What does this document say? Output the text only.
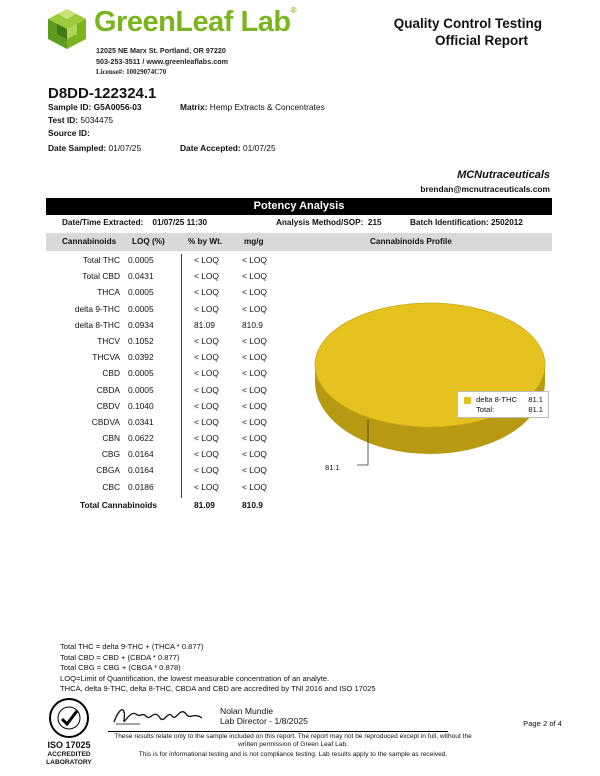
GreenLeaf Lab®
12025 NE Marx St. Portland, OR 97220
503-253-3511 / www.greenleaflabs.com
License#: 10029074C70
Quality Control Testing
Official Report
D8DD-122324.1
Sample ID: G5A0056-03	Matrix: Hemp Extracts & Concentrates
Test ID: 5034475
Source ID:
Date Sampled: 01/07/25	Date Accepted: 01/07/25
MCNutraceuticals
brendan@mcnutraceuticals.com
Potency Analysis
Date/Time Extracted: 01/07/25 11:30	Analysis Method/SOP: 215	Batch Identification: 2502012
Cannabinoids LOQ (%)	% by Wt.	mg/g	Cannabinoids Profile
Total THC 0.0005	< LOQ	< LOQ
Total CBD 0.0431	< LOQ	< LOQ
THCA 0.0005	< LOQ	< LOQ
delta 9-THC 0.0005	< LOQ	< LOQ
delta 8-THC 0.0934	81.09	810.9
THCV 0.1052	< LOQ	< LOQ
THCVA 0.0392	< LOQ	< LOQ
CBD 0.0005	< LOQ	< LOQ
CBDA 0.0005	< LOQ	< LOQ
CBDV 0.1040	< LOQ	< LOQ
CBDVA 0.0341	< LOQ	< LOQ
CBN 0.0622	< LOQ	< LOQ
CBG 0.0164	< LOQ	< LOQ
CBGA 0.0164	< LOQ	< LOQ
CBC 0.0186	< LOQ	< LOQ
Total Cannabinoids	81.09	810.9
81.1
delta 8-THC 81.1
Total:	81.1
Total THC = delta 9-THC + (THCA * 0.877)
Total CBD = CBD + (CBDA * 0.877)
Total CBG = CBG + (CBGA * 0.878)
LOQ=Limit of Quantification, the lowest measurable concentration of an analyte.
THCA, delta 9-THC, delta 8-THC, CBDA and CBD are accredited by TNI 2016 and ISO 17025
ISO 17025
ACCREDITED
LABORATORY
Nolan Mundie
Lab Director - 1/8/2025
These results relate only to the sample included on this report. The report may not be reproduced except in full, without the
written permission of Green Leaf Lab.
This is for informational testing and is not compliance testing. Lab results apply to the sample as received.
Page 2 of 4
